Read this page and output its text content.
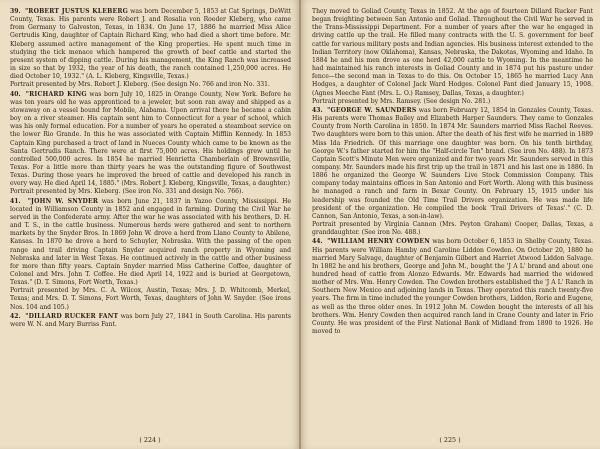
39. "ROBERT JUSTUS KLEBERG was born December 5, 1853 at Cat Springs, DeWitt County, Texas. His parents were Robert J. and Rosalia von Roeder Kleberg, who came from Germany to Galveston, Texas, in 1834. On June 17, 1886 he married Miss Alice Gertrudis King, daughter of Captain Richard King, who had died a short time before. Mr. Kleberg assumed active management of the King properties. He spent much time in studying the tick menace which hampered the growth of beef cattle and started the present system of dipping cattle. During his management, the King Ranch was increased in size so that by 1932, the year of his death, the ranch contained 1,250,000 acres. He died October 10, 1932." (A. L. Kleberg, Kingsville, Texas.)

Portrait presented by Mrs. Robert J. Kleberg. (See design No. 766 and iron No. 331.

40. "RICHARD KING was born July 10, 1825 in Orange County, New York. Before he was ten years old he was apprenticed to a jeweler, but soon ran away and shipped as a stowaway on a vessel bound for Mobile, Alabama. Upon arrival there he became a cabin boy on a river steamer. His captain sent him to Connecticut for a year of school, which was his only formal education. For a number of years he operated a steamboat service on the lower Rio Grande. In this he was associated with Captain Mifflin Kennedy. In 1853 Captain King purchased a tract of land in Nueces County which came to be known as the Santa Gertrudis Ranch. There were at first 75,000 acres. His holdings grew until he controlled 500,000 acres. In 1854 he married Henrietta Chamberlain of Brownsville, Texas. For a little more than thirty years he was the outstanding figure of Southwest Texas. During those years he improved the breed of cattle and developed his ranch in every way. He died April 14, 1885." (Mrs. Robert J. Kleberg, Kingsville, Texas, a daughter.)

Portrait presented by Mrs. Kleberg. (See iron No. 331 and design No. 766).

41. "JOHN W. SNYDER was born June 21, 1837 in Yazoo County, Mississippi. He located in Williamson County in 1852 and engaged in farming. During the Civil War he served in the Confederate army. After the war he was associated with his brothers, D. H. and T. S., in the cattle business. Numerous herds were gathered and sent to northern markets by the Snyder Bros. In 1869 John W. drove a herd from Llano County to Abilene, Kansas. In 1870 he drove a herd to Schuyler, Nebraska. With the passing of the open range and trail driving Captain Snyder acquired ranch property in Wyoming and Nebraska and later in West Texas. He continued actively in the cattle and other business for more than fifty years. Captain Snyder married Miss Catherine Coffee, daughter of Colonel and Mrs. John T. Coffee. He died April 14, 1922 and is buried at Georgetown, Texas." (D. T. Simons, Fort Worth, Texas.)

Portrait presented by Mrs. C. A. Wilcox, Austin, Texas; Mrs. J. D. Whitcomb, Merkel, Texas; and Mrs. D. T. Simons, Fort Worth, Texas, daughters of John W. Snyder. (See irons Nos. 104 and 105.)

42. "DILLARD RUCKER FANT was born July 27, 1841 in South Carolina. His parents were W. N. and Mary Burriss Fant.

( 224 )

They moved to Goliad County, Texas in 1852. At the age of fourteen Dillard Rucker Fant began freighting between San Antonio and Goliad. Throughout the Civil War he served in the Trans-Mississippi Department. For a number of years after the war he engaged in driving cattle up the trail. He filled many contracts with the U. S. government for beef cattle for various military posts and Indian agencies. His business interest extended to the Indian Territory (now Oklahoma), Kansas, Nebraska, the Dakotas, Wyoming and Idaho. In 1884 he and his men drove as one herd 42,000 cattle to Wyoming. In the meantime he had maintained his ranch interests in Goliad County and in 1874 put his pasture under fence—the second man in Texas to do this. On October 15, 1865 he married Lucy Ann Hodges, a daughter of Colonel Jack Ward Hodges. Colonel Fant died January 15, 1908. (Agnes Meeche Fant (Mrs. L. O.) Ramsey, Dallas, Texas, a daughter.)

Portrait presented by Mrs. Ramsey. (See design No. 281.)

43. "GEORGE W. SAUNDERS was born February 12, 1854 in Gonzales County, Texas. His parents were Thomas Bailey and Elizabeth Harper Saunders. They came to Gonzales County from North Carolina in 1850. In 1874 Mr. Saunders married Miss Rachel Reeves. Two daughters were born to this union. After the death of his first wife he married in 1889 Miss Ida Friedrich. Of this marriage one daughter was born. On his tenth birthday, George W.'s father started for him the "Half-circle Ten" brand. (See iron No. 488). In 1873 Captain Scott's Minute Men were organized and for two years Mr. Saunders served in this company. Mr. Saunders made his first trip up the trail in 1871 and his last one in 1886. In 1886 he organized the George W. Saunders Live Stock Commission Company. This company today maintains offices in San Antonio and Fort Worth. Along with this business he managed a ranch and farm in Bexar County. On February 15, 1915 under his leadership was founded the Old Time Trail Drivers organization. He was made life president of the organization. He compiled the book 'Trail Drivers of Texas'." (C. D. Cannon, San Antonio, Texas, a son-in-law).

Portrait presented by Virginia Cannon (Mrs. Peyton Graham) Cooper, Dallas, Texas, a granddaughter. (See iron No. 488.)

44. "WILLIAM HENRY COWDEN was born October 6, 1853 in Shelby County, Texas. His parents were William Hamby and Caroline Liddon Cowden. On October 20, 1880 he married Mary Salvage, daughter of Benjamin Gilbert and Harriet Atwood Liddon Salvage. In 1882 he and his brothers, George and John M., bought the 'J A L' brand and about one hundred head of cattle from Alonzo Edwards. Mr. Edwards had married the widowed mother of Mrs. Wm. Henry Cowden. The Cowden brothers established the 'J A L' Ranch in Southern New Mexico and adjoining lands in Texas. They operated this ranch twenty-five years. The firm in time included the younger Cowden brothers, Liddon, Rorie and Eugene, as well as the three older ones. In 1912 John M. Cowden bought the interests of all his brothers. Wm. Henry Cowden then acquired ranch land in Crane County and later in Frio County. He was president of the First National Bank of Midland from 1890 to 1926. He moved to

( 225 )
